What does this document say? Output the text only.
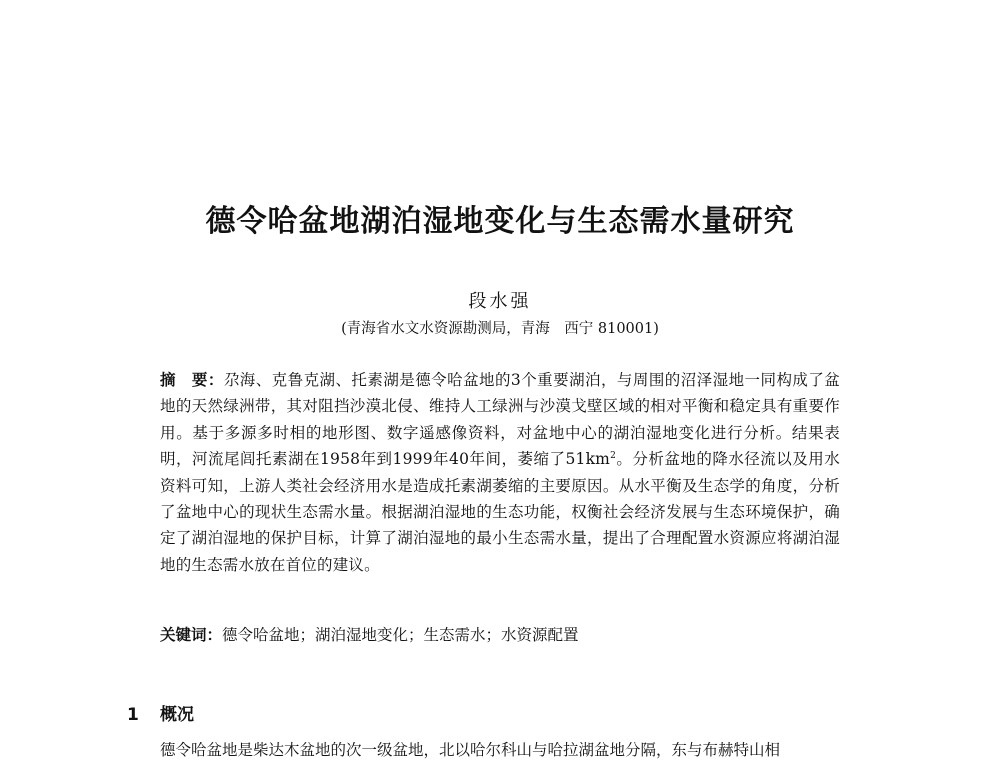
德令哈盆地湖泊湿地变化与生态需水量研究
段水强
(青海省水文水资源勘测局，青海　西宁 810001)
摘　要：尕海、克鲁克湖、托素湖是德令哈盆地的3个重要湖泊，与周围的沼泽湿地一同构成了盆地的天然绿洲带，其对阻挡沙漠北侵、维持人工绿洲与沙漠戈壁区域的相对平衡和稳定具有重要作用。基于多源多时相的地形图、数字遥感像资料，对盆地中心的湖泊湿地变化进行分析。结果表明，河流尾闾托素湖在1958年到1999年40年间，萎缩了$51km^2$。分析盆地的降水径流以及用水资料可知，上游人类社会经济用水是造成托素湖萎缩的主要原因。从水平衡及生态学的角度，分析了盆地中心的现状生态需水量。根据湖泊湿地的生态功能，权衡社会经济发展与生态环境保护，确定了湖泊湿地的保护目标，计算了湖泊湿地的最小生态需水量，提出了合理配置水资源应将湖泊湿地的生态需水放在首位的建议。
关键词：德令哈盆地；湖泊湿地变化；生态需水；水资源配置
1 概况
德令哈盆地是柴达木盆地的次一级盆地，北以哈尔科山与哈拉湖盆地分隔，东与布赫特山相
